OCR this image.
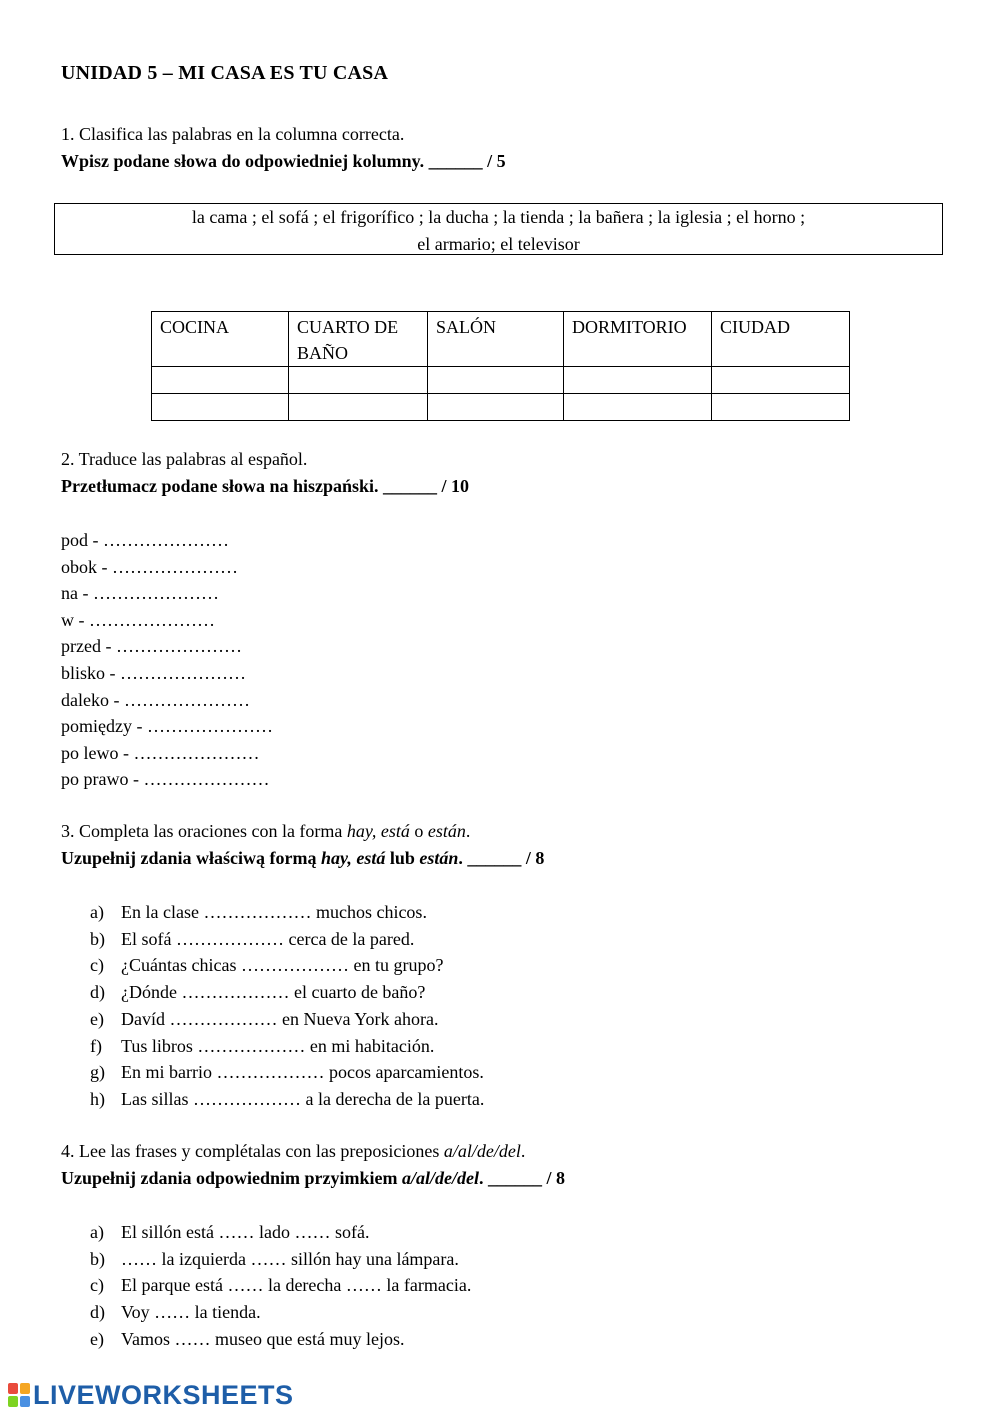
UNIDAD 5 – MI CASA ES TU CASA
1. Clasifica las palabras en la columna correcta.
Wpisz podane słowa do odpowiedniej kolumny. ______ / 5
la cama ; el sofá ; el frigorífico ; la ducha ; la tienda ; la bañera ; la iglesia ; el horno ;
el armario; el televisor
COCINA	CUARTO DE BAÑO	SALÓN	DORMITORIO	CIUDAD

2. Traduce las palabras al español.
Przetłumacz podane słowa na hiszpański. ______ / 10
pod - …………………
obok - …………………
na - …………………
w - …………………
przed - …………………
blisko - …………………
daleko - …………………
pomiędzy - …………………
po lewo - …………………
po prawo - …………………
3. Completa las oraciones con la forma hay, está o están.
Uzupełnij zdania właściwą formą hay, está lub están. ______ / 8
a) En la clase ……………… muchos chicos.
b) El sofá ……………… cerca de la pared.
c) ¿Cuántas chicas ……………… en tu grupo?
d) ¿Dónde ……………… el cuarto de baño?
e) Davíd ……………… en Nueva York ahora.
f)	Tus libros ……………… en mi habitación.
g) En mi barrio ……………… pocos aparcamientos.
h) Las sillas ……………… a la derecha de la puerta.
4. Lee las frases y complétalas con las preposiciones a/al/de/del.
Uzupełnij zdania odpowiednim przyimkiem a/al/de/del. ______ / 8
a) El sillón está …… lado …… sofá.
b) …… la izquierda …… sillón hay una lámpara.
c) El parque está …… la derecha …… la farmacia.
d) Voy …… la tienda.
e) Vamos …… museo que está muy lejos.
LIVEWORKSHEETS
